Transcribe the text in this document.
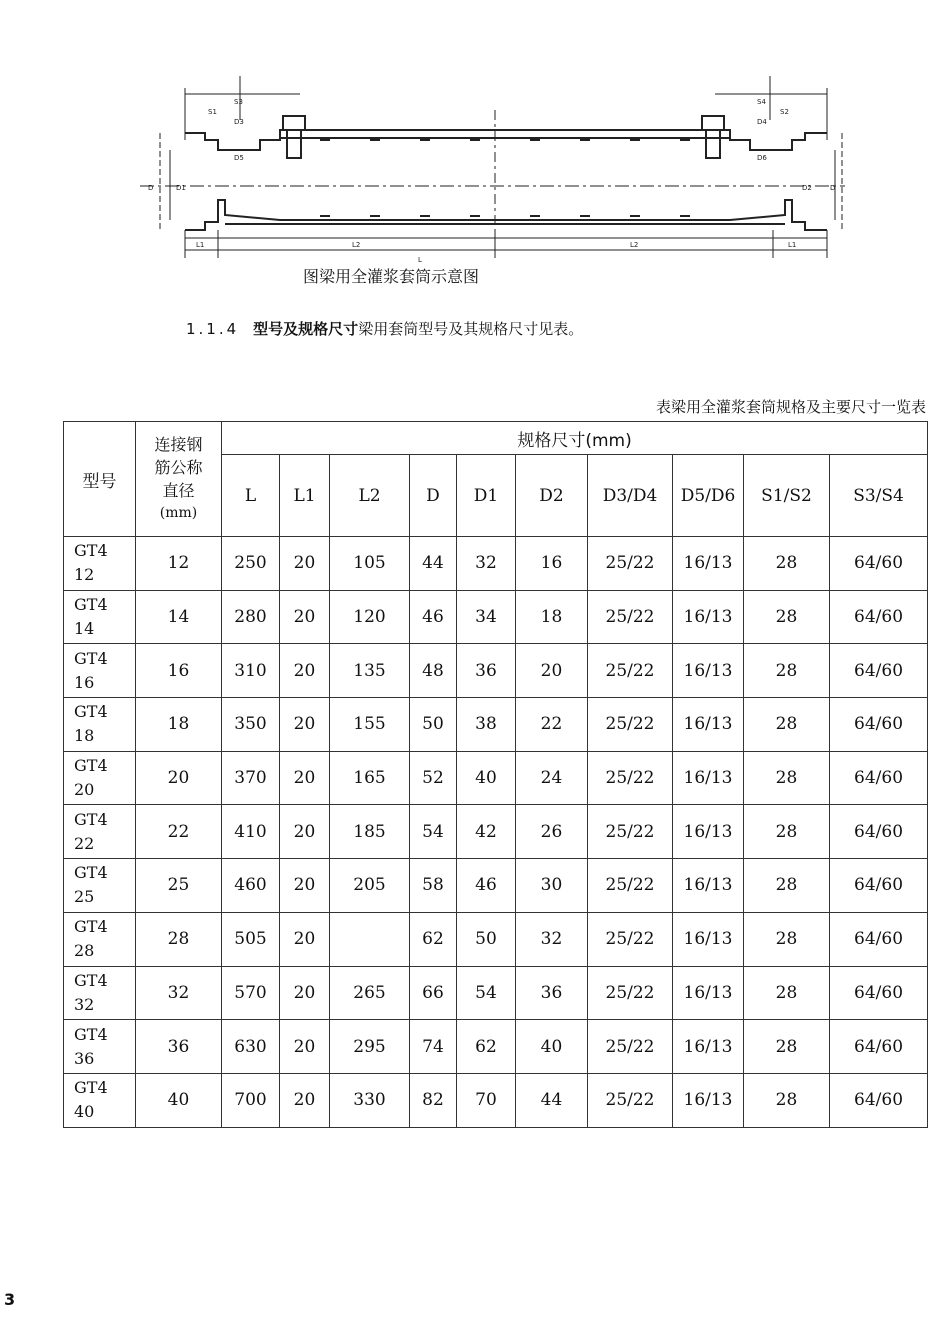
L1	L2	L2	L1
L
D	D
S1	S2
S3	S4
D3	D4
D5	D6
D1	D2
图梁用全灌浆套筒示意图
1.1.4 型号及规格尺寸梁用套筒型号及其规格尺寸见表。
表梁用全灌浆套筒规格及主要尺寸一览表
型号	连接钢
筋公称
直径
(mm)	规格尺寸(mm)									
		L	L1	L2	D	D1	D2	D3/D4	D5/D6	S1/S2	S3/S4

GT4
12	12	250	20	105	44	32	16	25/22	16/13	28	64/60

GT4
14	14	280	20	120	46	34	18	25/22	16/13	28	64/60

GT4
16	16	310	20	135	48	36	20	25/22	16/13	28	64/60

GT4
18	18	350	20	155	50	38	22	25/22	16/13	28	64/60

GT4
20	20	370	20	165	52	40	24	25/22	16/13	28	64/60

GT4
22	22	410	20	185	54	42	26	25/22	16/13	28	64/60

GT4
25	25	460	20	205	58	46	30	25/22	16/13	28	64/60

GT4
28	28	505	20		62	50	32	25/22	16/13	28	64/60

GT4
32	32	570	20	265	66	54	36	25/22	16/13	28	64/60

GT4
36	36	630	20	295	74	62	40	25/22	16/13	28	64/60

GT4
40	40	700	20	330	82	70	44	25/22	16/13	28	64/60
3
